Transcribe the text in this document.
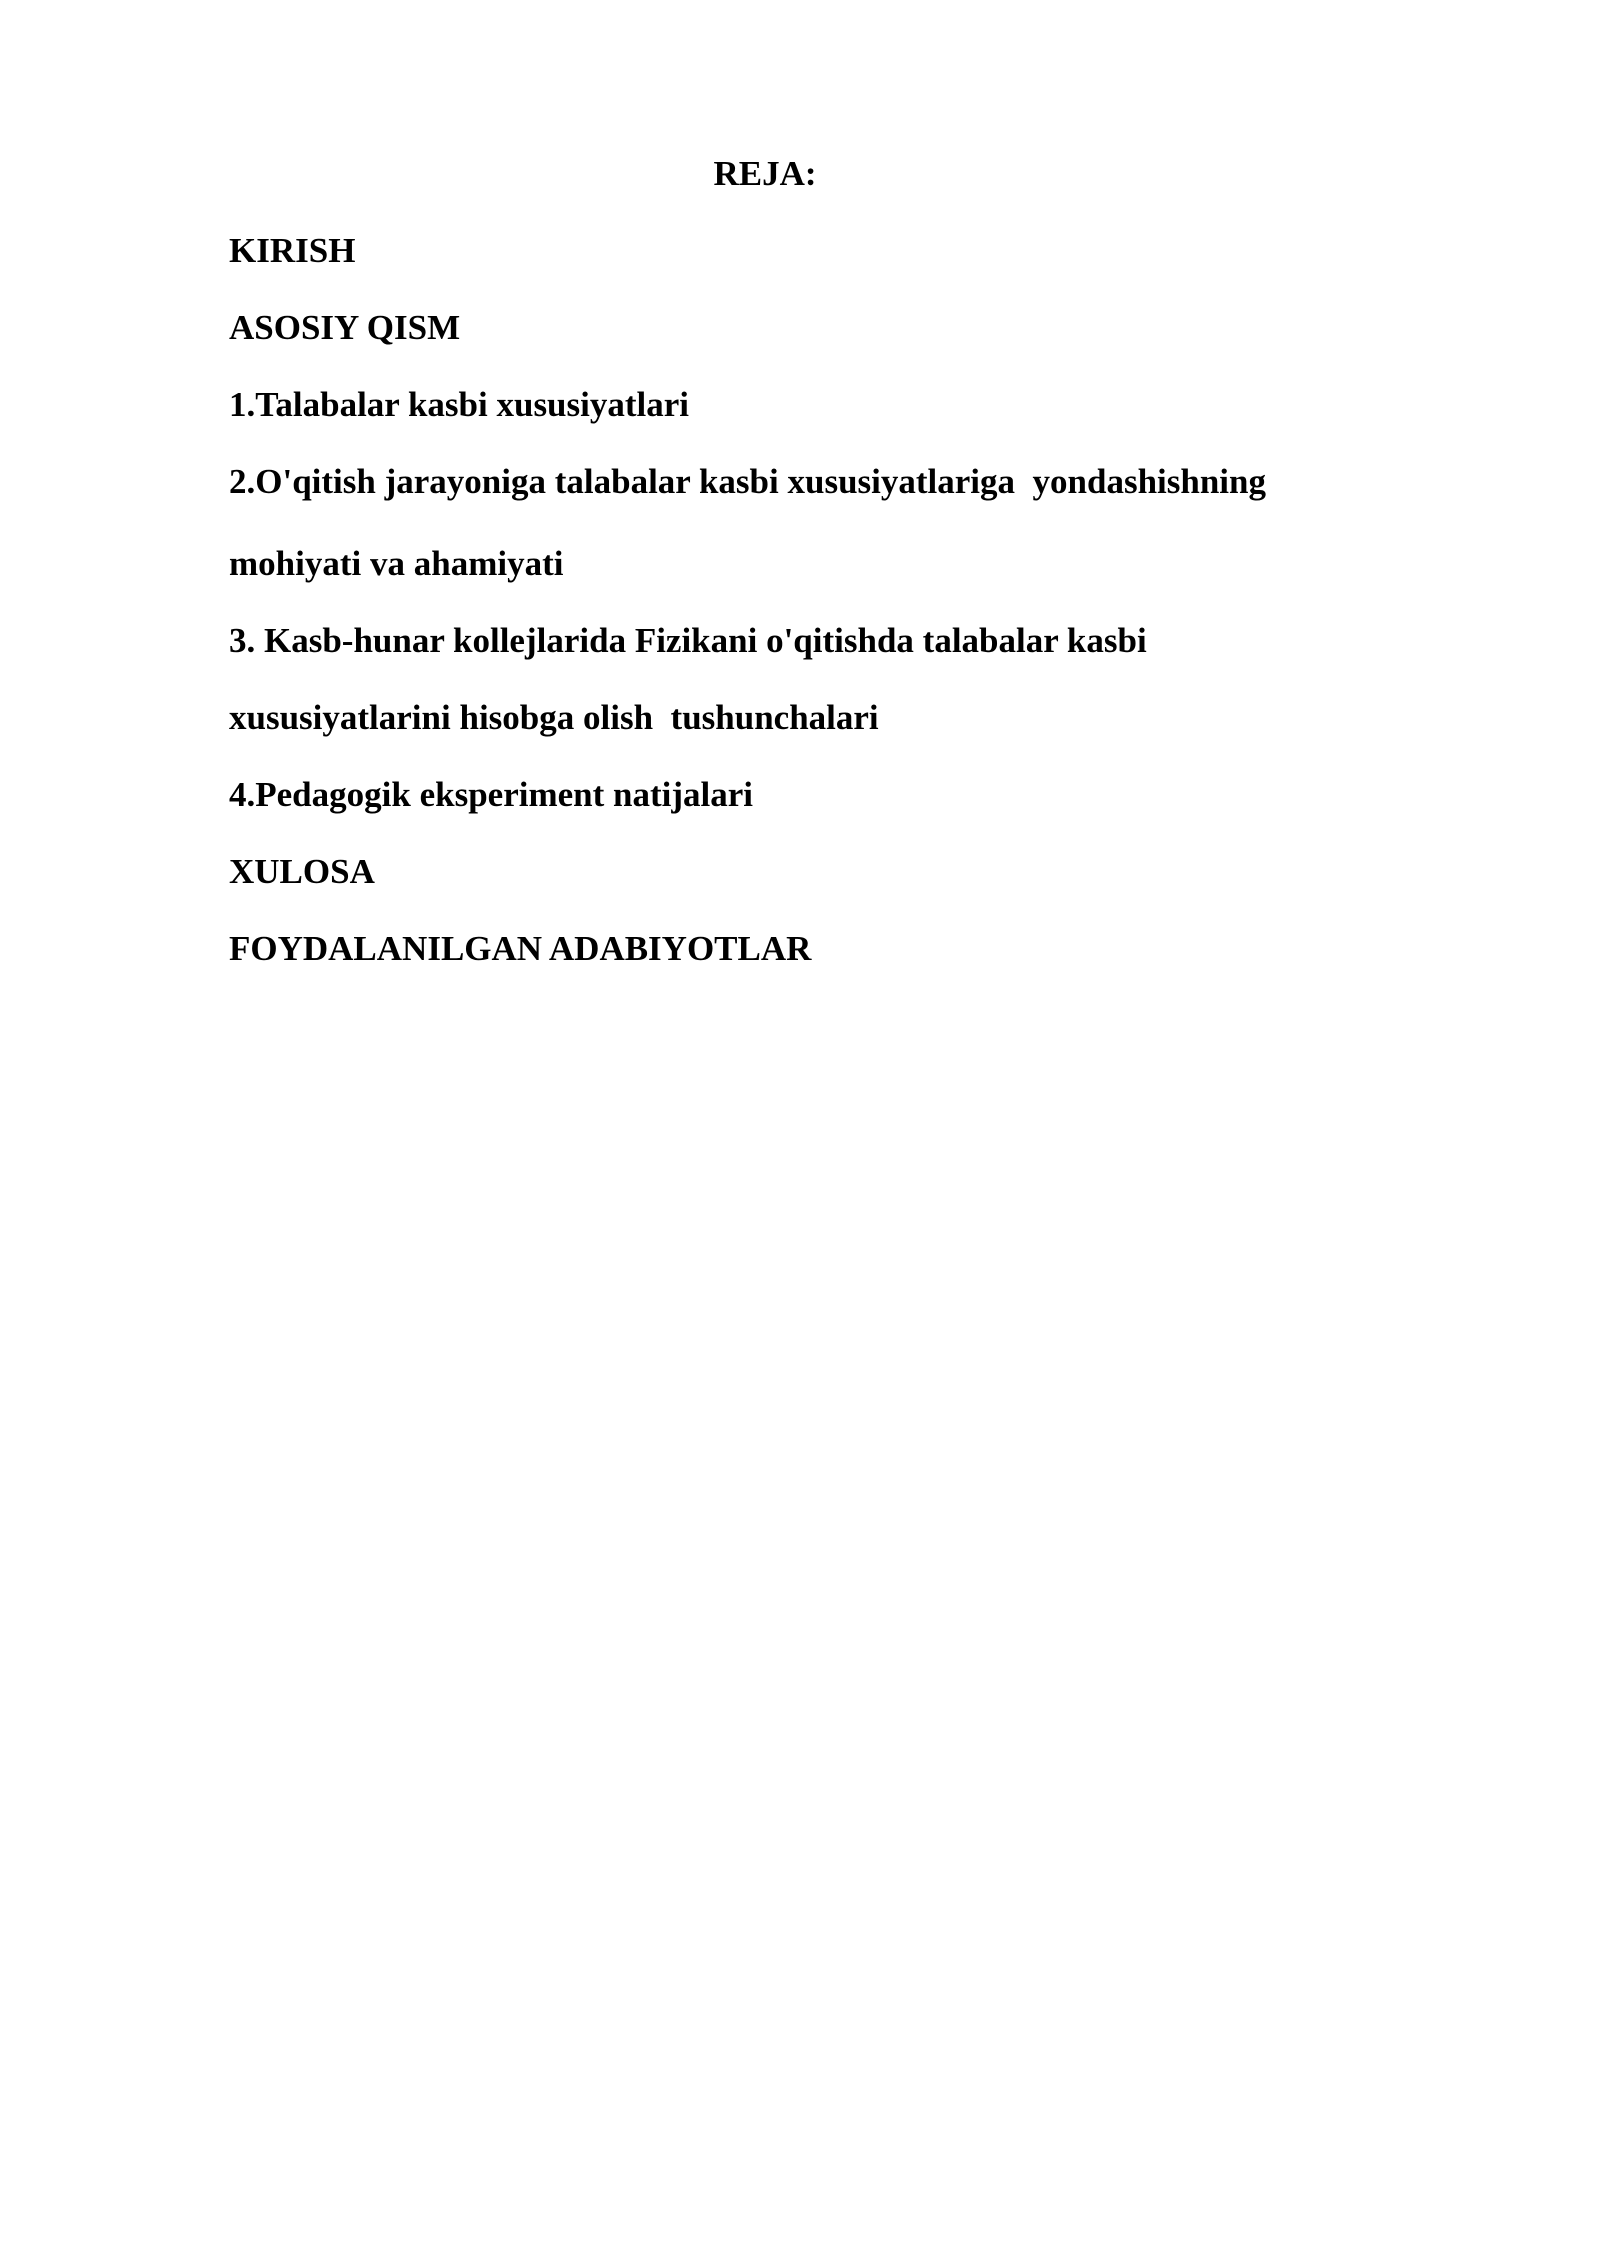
REJA:

KIRISH

ASOSIY QISM

1.Talabalar kasbi xususiyatlari

2.O'qitish jarayoniga talabalar kasbi xususiyatlariga  yondashishning

mohiyati va ahamiyati

3. Kasb-hunar kollejlarida Fizikani o'qitishda talabalar kasbi

xususiyatlarini hisobga olish  tushunchalari

4.Pedagogik eksperiment natijalari

XULOSA

FOYDALANILGAN ADABIYOTLAR
